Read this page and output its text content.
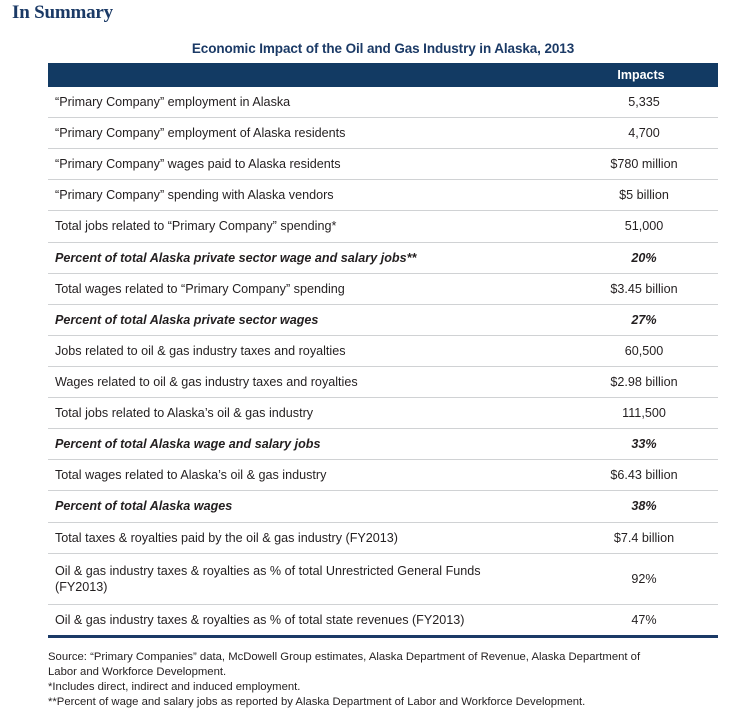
In Summary
Economic Impact of the Oil and Gas Industry in Alaska, 2013
	Impacts
“Primary Company” employment in Alaska	5,335
“Primary Company” employment of Alaska residents	4,700
“Primary Company” wages paid to Alaska residents	$780 million
“Primary Company” spending with Alaska vendors	$5 billion
Total jobs related to “Primary Company” spending*	51,000
Percent of total Alaska private sector wage and salary jobs**	20%
Total wages related to “Primary Company” spending	$3.45 billion
Percent of total Alaska private sector wages	27%
Jobs related to oil & gas industry taxes and royalties	60,500
Wages related to oil & gas industry taxes and royalties	$2.98 billion
Total jobs related to Alaska’s oil & gas industry	111,500
Percent of total Alaska wage and salary jobs	33%
Total wages related to Alaska’s oil & gas industry	$6.43 billion
Percent of total Alaska wages	38%
Total taxes & royalties paid by the oil & gas industry (FY2013)	$7.4 billion
Oil & gas industry taxes & royalties as % of total Unrestricted General Funds (FY2013)	92%
Oil & gas industry taxes & royalties as % of total state revenues (FY2013)	47%
Source: “Primary Companies” data, McDowell Group estimates, Alaska Department of Revenue, Alaska Department of Labor and Workforce Development.
*Includes direct, indirect and induced employment.
**Percent of wage and salary jobs as reported by Alaska Department of Labor and Workforce Development.
